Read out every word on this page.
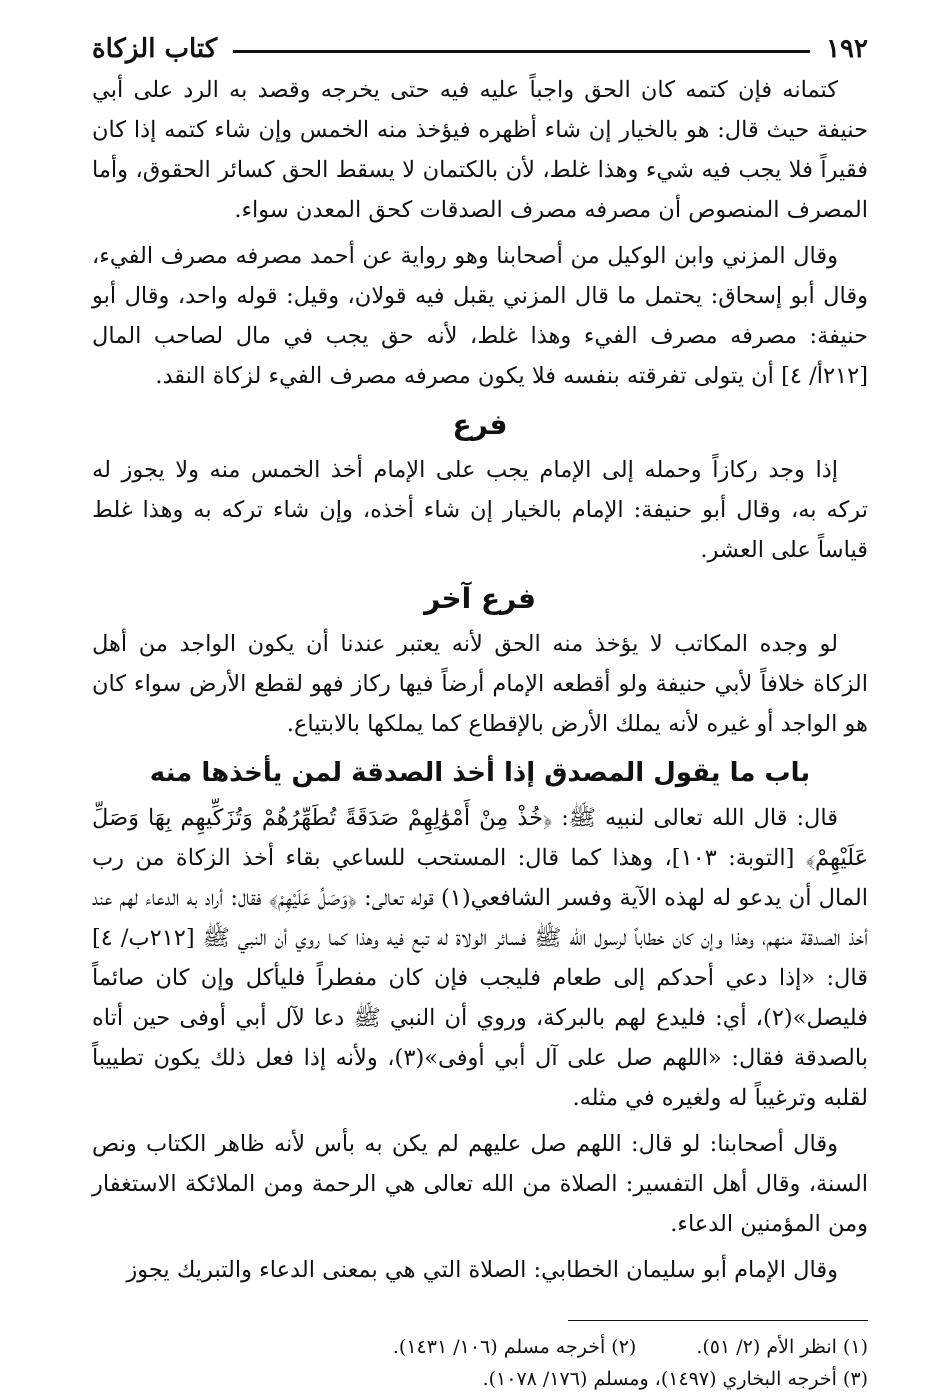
١٩٢
كتاب الزكاة

كتمانه فإن كتمه كان الحق واجباً عليه فيه حتى يخرجه وقصد به الرد على أبي حنيفة حيث قال: هو بالخيار إن شاء أظهره فيؤخذ منه الخمس وإن شاء كتمه إذا كان فقيراً فلا يجب فيه شيء وهذا غلط، لأن بالكتمان لا يسقط الحق كسائر الحقوق، وأما المصرف المنصوص أن مصرفه مصرف الصدقات كحق المعدن سواء.

وقال المزني وابن الوكيل من أصحابنا وهو رواية عن أحمد مصرفه مصرف الفيء، وقال أبو إسحاق: يحتمل ما قال المزني يقبل فيه قولان، وقيل: قوله واحد، وقال أبو حنيفة: مصرفه مصرف الفيء وهذا غلط، لأنه حق يجب في مال لصاحب المال [٢١٢أ/ ٤] أن يتولى تفرقته بنفسه فلا يكون مصرفه مصرف الفيء لزكاة النقد.

فرع

إذا وجد ركازاً وحمله إلى الإمام يجب على الإمام أخذ الخمس منه ولا يجوز له تركه به، وقال أبو حنيفة: الإمام بالخيار إن شاء أخذه، وإن شاء تركه به وهذا غلط قياساً على العشر.

فرع آخر

لو وجده المكاتب لا يؤخذ منه الحق لأنه يعتبر عندنا أن يكون الواجد من أهل الزكاة خلافاً لأبي حنيفة ولو أقطعه الإمام أرضاً فيها ركاز فهو لقطع الأرض سواء كان هو الواجد أو غيره لأنه يملك الأرض بالإقطاع كما يملكها بالابتياع.

باب ما يقول المصدق إذا أخذ الصدقة لمن يأخذها منه

قال: قال الله تعالى لنبيه ﷺ: ﴿خُذْ مِنْ أَمْوَٰلِهِمْ صَدَقَةً تُطَهِّرُهُمْ وَتُزَكِّيهِم بِهَا وَصَلِّ عَلَيْهِمْ﴾ [التوبة: ١٠٣]، وهذا كما قال: المستحب للساعي بقاء أخذ الزكاة من رب المال أن يدعو له لهذه الآية وفسر الشافعي(١) قوله تعالى: ﴿وَصَلِّ عَلَيْهِمْ﴾ فقال: أراد به الدعاء لهم عند أخذ الصدقة منهم، وهذا وإن كان خطاباً لرسول الله ﷺ فسائر الولاة له تبع فيه وهذا كما روي أن النبي ﷺ [٢١٢ب/ ٤] قال: «إذا دعي أحدكم إلى طعام فليجب فإن كان مفطراً فليأكل وإن كان صائماً فليصل»(٢)، أي: فليدع لهم بالبركة، وروي أن النبي ﷺ دعا لآل أبي أوفى حين أتاه بالصدقة فقال: «اللهم صل على آل أبي أوفى»(٣)، ولأنه إذا فعل ذلك يكون تطييباً لقلبه وترغيباً له ولغيره في مثله.

وقال أصحابنا: لو قال: اللهم صل عليهم لم يكن به بأس لأنه ظاهر الكتاب ونص السنة، وقال أهل التفسير: الصلاة من الله تعالى هي الرحمة ومن الملائكة الاستغفار ومن المؤمنين الدعاء.

وقال الإمام أبو سليمان الخطابي: الصلاة التي هي بمعنى الدعاء والتبريك يجوز

(١) انظر الأم (٢/ ٥١).
(٢) أخرجه مسلم (١٠٦/ ١٤٣١).
(٣) أخرجه البخاري (١٤٩٧)، ومسلم (١٧٦/ ١٠٧٨).
